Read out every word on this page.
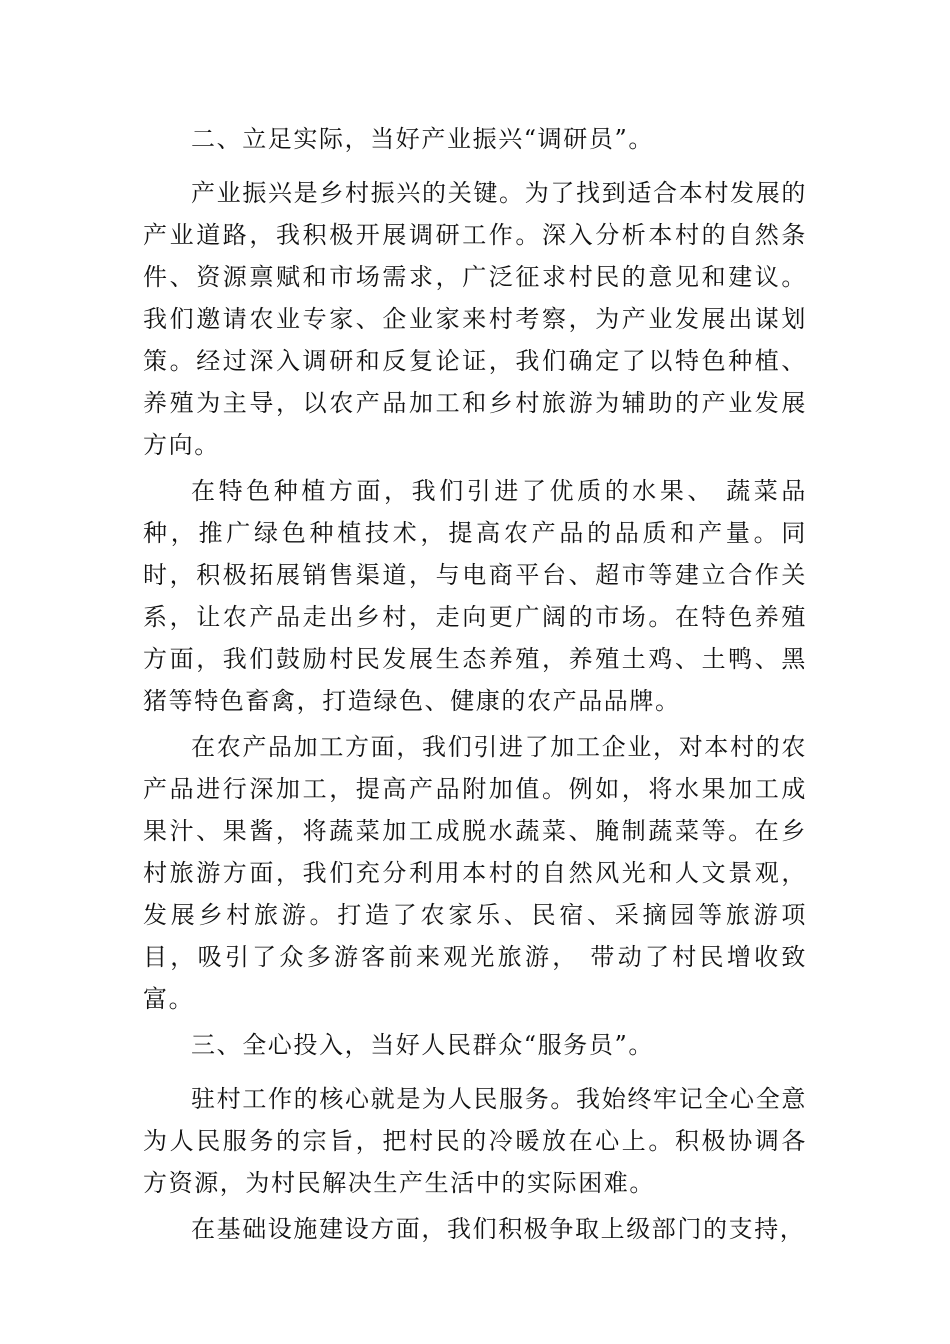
二、立足实际，当好产业振兴“调研员”。

产业振兴是乡村振兴的关键。为了找到适合本村发展的产业道路，我积极开展调研工作。深入分析本村的自然条件、资源禀赋和市场需求，广泛征求村民的意见和建议。我们邀请农业专家、企业家来村考察，为产业发展出谋划策。经过深入调研和反复论证，我们确定了以特色种植、养殖为主导，以农产品加工和乡村旅游为辅助的产业发展方向。

在特色种植方面，我们引进了优质的水果、 蔬菜品种，推广绿色种植技术，提高农产品的品质和产量。同时，积极拓展销售渠道，与电商平台、超市等建立合作关系，让农产品走出乡村，走向更广阔的市场。在特色养殖方面，我们鼓励村民发展生态养殖，养殖土鸡、土鸭、黑猪等特色畜禽，打造绿色、健康的农产品品牌。

在农产品加工方面，我们引进了加工企业，对本村的农产品进行深加工，提高产品附加值。例如，将水果加工成果汁、果酱，将蔬菜加工成脱水蔬菜、腌制蔬菜等。在乡村旅游方面，我们充分利用本村的自然风光和人文景观，发展乡村旅游。打造了农家乐、民宿、采摘园等旅游项目，吸引了众多游客前来观光旅游， 带动了村民增收致富。

三、全心投入，当好人民群众“服务员”。

驻村工作的核心就是为人民服务。我始终牢记全心全意为人民服务的宗旨，把村民的冷暖放在心上。积极协调各方资源，为村民解决生产生活中的实际困难。

在基础设施建设方面，我们积极争取上级部门的支持，
